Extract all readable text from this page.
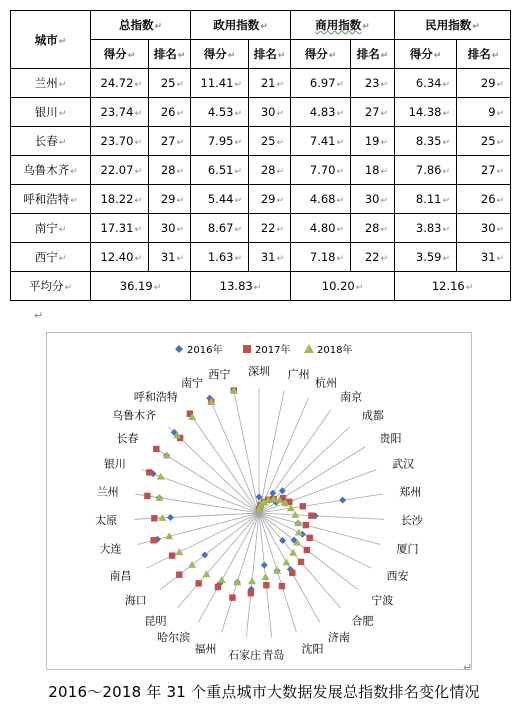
城市↵	总指数↵		政用指数↵		商用指数↵		民用指数↵	
	得分↵	排名↵	得分↵	排名↵	得分↵	排名↵	得分↵	排名↵
兰州↵	24.72↵	25↵	11.41↵	21↵	6.97↵	23↵	6.34↵	29↵
银川↵	23.74↵	26↵	4.53↵	30↵	4.83↵	27↵	14.38↵	9↵
长春↵	23.70↵	27↵	7.95↵	25↵	7.41↵	19↵	8.35↵	25↵
乌鲁木齐↵	22.07↵	28↵	6.51↵	28↵	7.70↵	18↵	7.86↵	27↵
呼和浩特↵	18.22↵	29↵	5.44↵	29↵	4.68↵	30↵	8.11↵	26↵
南宁↵	17.31↵	30↵	8.67↵	22↵	4.80↵	28↵	3.83↵	30↵
西宁↵	12.40↵	31↵	1.63↵	31↵	7.18↵	22↵	3.59↵	31↵
平均分↵	36.19↵		13.83↵		10.20↵		12.16↵	
↵
2016年	2017年	2018年
深圳 广州
杭州
南京
成都
贵阳
武汉
郑州
长沙
厦门
西安
宁波
合肥
济南
沈阳
青岛
石家庄
福州
哈尔滨
昆明
海口
南昌
大连
太原
兰州
银川
长春
乌鲁木齐
呼和浩特
南宁
西宁
↵
2016～2018 年 31 个重点城市大数据发展总指数排名变化情况
